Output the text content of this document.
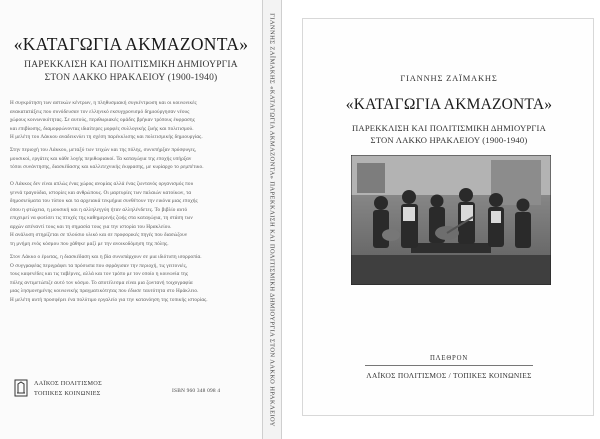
«ΚΑΤΑΓΩΓΙΑ ΑΚΜΑΖΟΝΤΑ»
ΠΑΡΕΚΚΛΙΣΗ ΚΑΙ ΠΟΛΙΤΙΣΜΙΚΗ ΔΗΜΙΟΥΡΓΙΑ
ΣΤΟΝ ΛΑΚΚΟ ΗΡΑΚΛΕΙΟΥ (1900-1940)
Η συγκρότηση των αστικών κέντρων, η πληθυσμιακή συγκέντρωση και οι κοινωνικές
ανακατατάξεις που συνόδευσαν τον ελληνικό εκσυγχρονισμό δημιούργησαν νέους
χώρους κοινωνικότητας. Σε αυτούς, περιθωριακές ομάδες βρήκαν τρόπους έκφρασης
και επιβίωσης, διαμορφώνοντας ιδιαίτερες μορφές συλλογικής ζωής και πολιτισμού.
Η μελέτη του Λάκκου αναδεικνύει τη σχέση παρέκκλισης και πολιτισμικής δημιουργίας.
Στην περιοχή του Λάκκου, μεταξύ των τειχών και της πόλης, συνυπήρξαν πρόσφυγες,
μουσικοί, εργάτες και κάθε λογής περιθωριακοί. Τα καταγώγια της εποχής υπήρξαν
τόποι συνάντησης, διασκέδασης και καλλιτεχνικής έκφρασης, με κυρίαρχο το ρεμπέτικο.
Ο Λάκκος δεν είναι απλώς ένας χώρος ανομίας αλλά ένας ζωντανός οργανισμός που
γεννά τραγούδια, ιστορίες και ανθρώπους. Οι μαρτυρίες των παλαιών κατοίκων, τα
δημοσιεύματα του τύπου και τα αρχειακά τεκμήρια συνθέτουν την εικόνα μιας εποχής
όπου η φτώχεια, η μουσική και η αλληλεγγύη ήταν αλληλένδετες. Το βιβλίο αυτό
επιχειρεί να φωτίσει τις πτυχές της καθημερινής ζωής στα καταγώγια, τη στάση των
αρχών απέναντί τους και τη σημασία τους για την ιστορία του Ηρακλείου.
Η ανάλυση στηρίζεται σε πλούσιο υλικό και σε προφορικές πηγές που διασώζουν
τη μνήμη ενός κόσμου που χάθηκε μαζί με την ανοικοδόμηση της πόλης.
Στον Λάκκο ο έρωτας, η διασκέδαση και η βία συνυπάρχουν σε μια ιδιότυπη ισορροπία.
Ο συγγραφέας περιγράφει τα πρόσωπα που σφράγισαν την περιοχή, τις γειτονιές,
τους καφενέδες και τις ταβέρνες, αλλά και τον τρόπο με τον οποίο η κοινωνία της
πόλης αντιμετώπιζε αυτό τον κόσμο. Το αποτέλεσμα είναι μια ζωντανή τοιχογραφία
μιας λησμονημένης κοινωνικής πραγματικότητας που έδωσε ταυτότητα στο Ηράκλειο.
Η μελέτη αυτή προσφέρει ένα πολύτιμο εργαλείο για την κατανόηση της τοπικής ιστορίας.
ΛΑΪΚΟΣ ΠΟΛΙΤΙΣΜΟΣ
ΤΟΠΙΚΕΣ ΚΟΙΝΩΝΙΕΣ	ISBN 960 348 098 4	ΓΙΑΝΝΗΣ ΖΑΪΜΑΚΗΣ «ΚΑΤΑΓΩΓΙΑ ΑΚΜΑΖΟΝΤΑ» ΠΑΡΕΚΚΛΙΣΗ ΚΑΙ ΠΟΛΙΤΙΣΜΙΚΗ ΔΗΜΙΟΥΡΓΙΑ ΣΤΟΝ ΛΑΚΚΟ ΗΡΑΚΛΕΙΟΥ	ΓΙΑΝΝΗΣ ΖΑΪΜΑΚΗΣ
«ΚΑΤΑΓΩΓΙΑ ΑΚΜΑΖΟΝΤΑ»
ΠΑΡΕΚΚΛΙΣΗ ΚΑΙ ΠΟΛΙΤΙΣΜΙΚΗ ΔΗΜΙΟΥΡΓΙΑ
ΣΤΟΝ ΛΑΚΚΟ ΗΡΑΚΛΕΙΟΥ (1900-1940)
ΠΛΕΘΡΟΝ
ΛΑΪΚΟΣ ΠΟΛΙΤΙΣΜΟΣ / ΤΟΠΙΚΕΣ ΚΟΙΝΩΝΙΕΣ
